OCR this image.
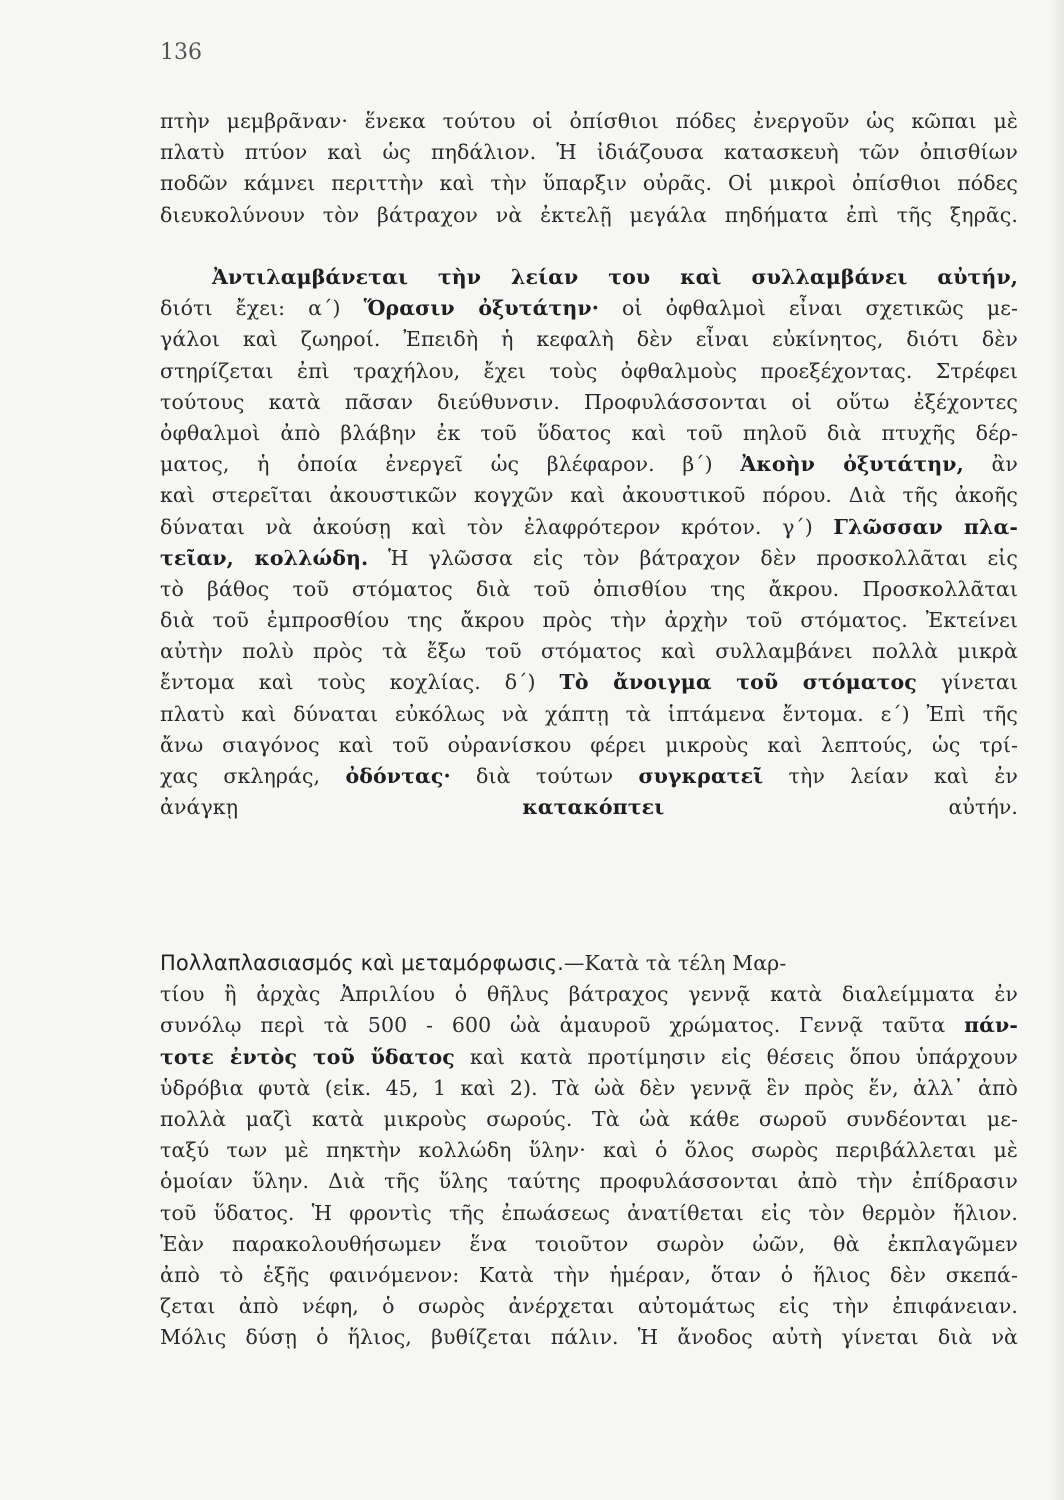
136
πτὴν μεμβρᾶναν· ἕνεκα τούτου οἱ ὀπίσθιοι πόδες ἐνεργοῦν ὡς κῶπαι μὲ
πλατὺ πτύον καὶ ὡς πηδάλιον. Ἡ ἰδιάζουσα κατασκευὴ τῶν ὀπισθίων
ποδῶν κάμνει περιττὴν καὶ τὴν ὕπαρξιν οὐρᾶς. Οἱ μικροὶ ὀπίσθιοι πόδες
διευκολύνουν τὸν βάτραχον νὰ ἐκτελῇ μεγάλα πηδήματα ἐπὶ τῆς ξηρᾶς.
Ἀντιλαμβάνεται τὴν λείαν του καὶ συλλαμβάνει αὐτήν,
διότι ἔχει: α΄) Ὅρασιν ὀξυτάτην· οἱ ὀφθαλμοὶ εἶναι σχετικῶς με-
γάλοι καὶ ζωηροί. Ἐπειδὴ ἡ κεφαλὴ δὲν εἶναι εὐκίνητος, διότι δὲν
στηρίζεται ἐπὶ τραχήλου, ἔχει τοὺς ὀφθαλμοὺς προεξέχοντας. Στρέφει
τούτους κατὰ πᾶσαν διεύθυνσιν. Προφυλάσσονται οἱ οὕτω ἐξέχοντες
ὀφθαλμοὶ ἀπὸ βλάβην ἐκ τοῦ ὕδατος καὶ τοῦ πηλοῦ διὰ πτυχῆς δέρ-
ματος, ἡ ὁποία ἐνεργεῖ ὡς βλέφαρον. β΄) Ἀκοὴν ὀξυτάτην, ἂν
καὶ στερεῖται ἀκουστικῶν κογχῶν καὶ ἀκουστικοῦ πόρου. Διὰ τῆς ἀκοῆς
δύναται νὰ ἀκούσῃ καὶ τὸν ἐλαφρότερον κρότον. γ΄) Γλῶσσαν πλα-
τεῖαν, κολλώδη. Ἡ γλῶσσα εἰς τὸν βάτραχον δὲν προσκολλᾶται εἰς
τὸ βάθος τοῦ στόματος διὰ τοῦ ὀπισθίου της ἄκρου. Προσκολλᾶται
διὰ τοῦ ἐμπροσθίου της ἄκρου πρὸς τὴν ἀρχὴν τοῦ στόματος. Ἐκτείνει
αὐτὴν πολὺ πρὸς τὰ ἔξω τοῦ στόματος καὶ συλλαμβάνει πολλὰ μικρὰ
ἔντομα καὶ τοὺς κοχλίας. δ΄) Τὸ ἄνοιγμα τοῦ στόματος γίνεται
πλατὺ καὶ δύναται εὐκόλως νὰ χάπτῃ τὰ ἱπτάμενα ἔντομα. ε΄) Ἐπὶ τῆς
ἄνω σιαγόνος καὶ τοῦ οὐρανίσκου φέρει μικροὺς καὶ λεπτούς, ὡς τρί-
χας σκληράς, ὀδόντας· διὰ τούτων συγκρατεῖ τὴν λείαν καὶ ἐν
ἀνάγκῃ κατακόπτει αὐτήν.
Πολλαπλασιασμός καὶ μεταμόρφωσις.—Κατὰ τὰ τέλη Μαρ-
τίου ἢ ἀρχὰς Ἀπριλίου ὁ θῆλυς βάτραχος γεννᾷ κατὰ διαλείμματα ἐν
συνόλῳ περὶ τὰ 500 - 600 ὠὰ ἀμαυροῦ χρώματος. Γεννᾷ ταῦτα πάν-
τοτε ἐντὸς τοῦ ὕδατος καὶ κατὰ προτίμησιν εἰς θέσεις ὅπου ὑπάρχουν
ὑδρόβια φυτὰ (εἰκ. 45, 1 καὶ 2). Τὰ ὠὰ δὲν γεννᾷ ἓν πρὸς ἕν, ἀλλ᾿ ἀπὸ
πολλὰ μαζὶ κατὰ μικροὺς σωρούς. Τὰ ὠὰ κάθε σωροῦ συνδέονται με-
ταξύ των μὲ πηκτὴν κολλώδη ὕλην· καὶ ὁ ὅλος σωρὸς περιβάλλεται μὲ
ὁμοίαν ὕλην. Διὰ τῆς ὕλης ταύτης προφυλάσσονται ἀπὸ τὴν ἐπίδρασιν
τοῦ ὕδατος. Ἡ φροντὶς τῆς ἐπωάσεως ἀνατίθεται εἰς τὸν θερμὸν ἥλιον.
Ἐὰν παρακολουθήσωμεν ἕνα τοιοῦτον σωρὸν ὠῶν, θὰ ἐκπλαγῶμεν
ἀπὸ τὸ ἑξῆς φαινόμενον: Κατὰ τὴν ἡμέραν, ὅταν ὁ ἥλιος δὲν σκεπά-
ζεται ἀπὸ νέφη, ὁ σωρὸς ἀνέρχεται αὐτομάτως εἰς τὴν ἐπιφάνειαν.
Μόλις δύσῃ ὁ ἥλιος, βυθίζεται πάλιν. Ἡ ἄνοδος αὐτὴ γίνεται διὰ νὰ
